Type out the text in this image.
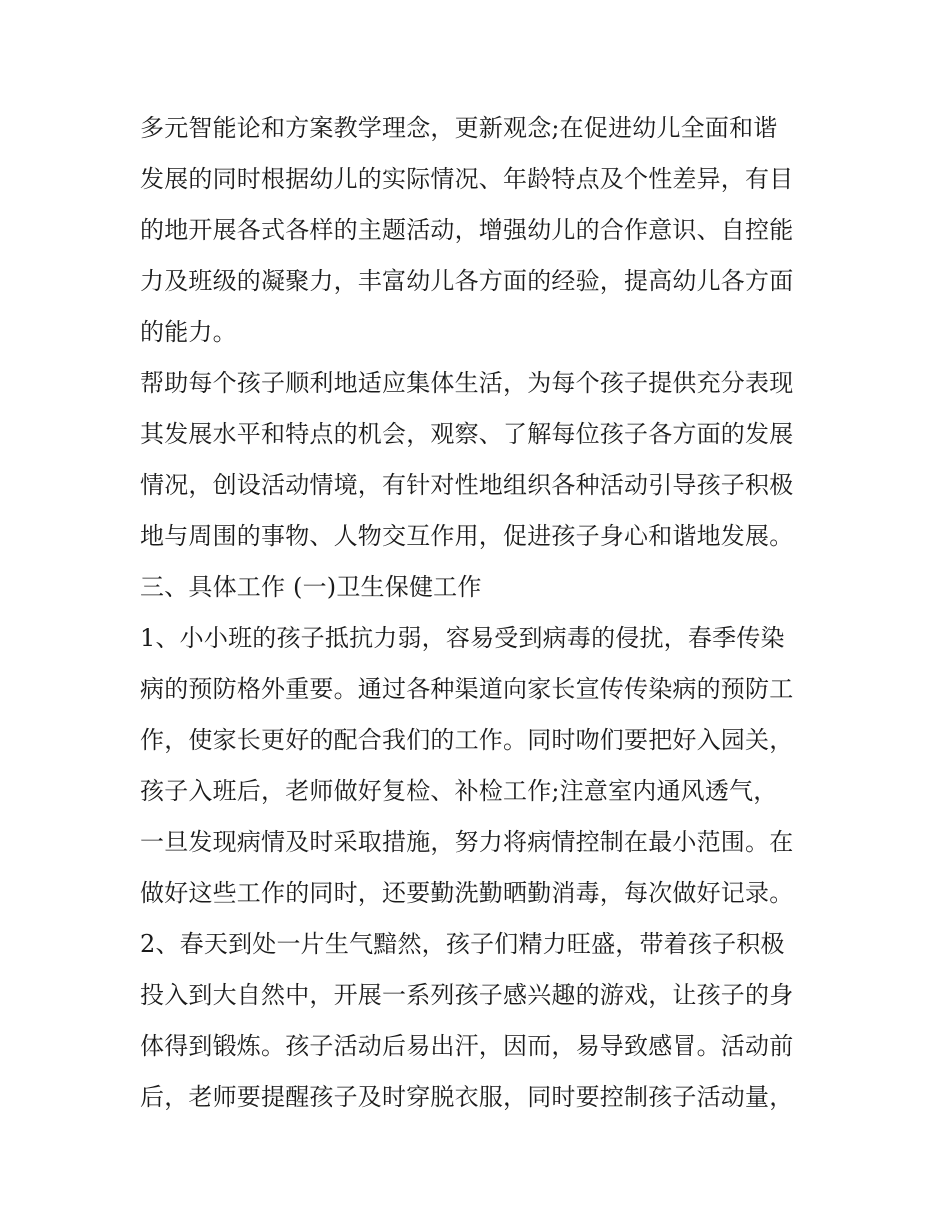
多元智能论和方案教学理念，更新观念;在促进幼儿全面和谐
发展的同时根据幼儿的实际情况、年龄特点及个性差异，有目
的地开展各式各样的主题活动，增强幼儿的合作意识、自控能
力及班级的凝聚力，丰富幼儿各方面的经验，提高幼儿各方面
的能力。
帮助每个孩子顺利地适应集体生活，为每个孩子提供充分表现
其发展水平和特点的机会，观察、了解每位孩子各方面的发展
情况，创设活动情境，有针对性地组织各种活动引导孩子积极
地与周围的事物、人物交互作用，促进孩子身心和谐地发展。
三、具体工作 (一)卫生保健工作
1、小小班的孩子抵抗力弱，容易受到病毒的侵扰，春季传染
病的预防格外重要。通过各种渠道向家长宣传传染病的预防工
作，使家长更好的配合我们的工作。同时吻们要把好入园关，
孩子入班后，老师做好复检、补检工作;注意室内通风透气，
一旦发现病情及时采取措施，努力将病情控制在最小范围。在
做好这些工作的同时，还要勤洗勤晒勤消毒，每次做好记录。
2、春天到处一片生气黯然，孩子们精力旺盛，带着孩子积极
投入到大自然中，开展一系列孩子感兴趣的游戏，让孩子的身
体得到锻炼。孩子活动后易出汗，因而，易导致感冒。活动前
后，老师要提醒孩子及时穿脱衣服，同时要控制孩子活动量，
